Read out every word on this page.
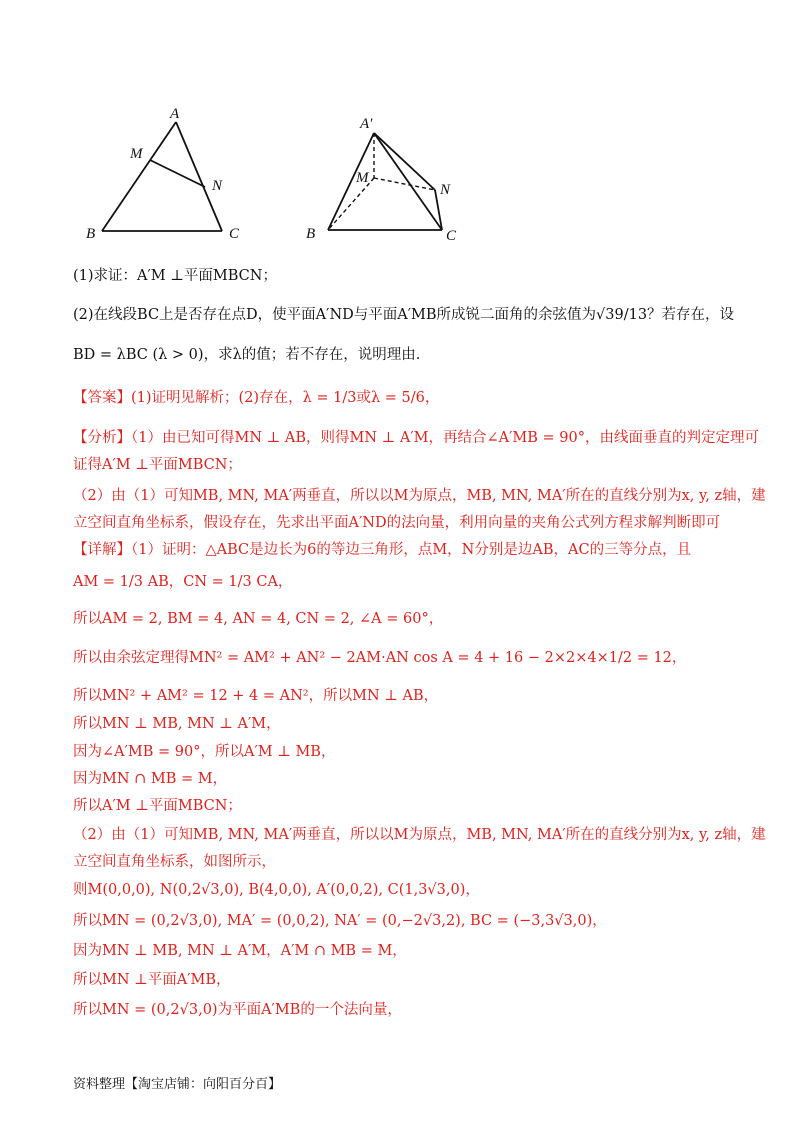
A
M
N
B	C
A′
M
N
B	C
(1)求证：A′M ⊥平面MBCN；
(2)在线段BC上是否存在点D，使平面A′ND与平面A′MB所成锐二面角的余弦值为√39/13？若存在，设
BD = λBC (λ > 0)，求λ的值；若不存在，说明理由.
【答案】(1)证明见解析；(2)存在，λ = 1/3或λ = 5/6，
【分析】（1）由已知可得MN ⊥ AB，则得MN ⊥ A′M，再结合∠A′MB = 90°，由线面垂直的判定定理可
证得A′M ⊥平面MBCN；
（2）由（1）可知MB, MN, MA′两垂直，所以以M为原点，MB, MN, MA′所在的直线分别为x, y, z轴，建
立空间直角坐标系，假设存在，先求出平面A′ND的法向量，利用向量的夹角公式列方程求解判断即可
【详解】（1）证明：△ABC是边长为6的等边三角形，点M，N分别是边AB，AC的三等分点，且
AM = 1/3 AB，CN = 1/3 CA，
所以AM = 2, BM = 4, AN = 4, CN = 2, ∠A = 60°，
所以由余弦定理得MN² = AM² + AN² − 2AM·AN cos A = 4 + 16 − 2×2×4×1/2 = 12，
所以MN² + AM² = 12 + 4 = AN²，所以MN ⊥ AB，
所以MN ⊥ MB, MN ⊥ A′M，
因为∠A′MB = 90°，所以A′M ⊥ MB，
因为MN ∩ MB = M，
所以A′M ⊥平面MBCN；
（2）由（1）可知MB, MN, MA′两垂直，所以以M为原点，MB, MN, MA′所在的直线分别为x, y, z轴，建
立空间直角坐标系，如图所示，
则M(0,0,0), N(0,2√3,0), B(4,0,0), A′(0,0,2), C(1,3√3,0)，
所以MN = (0,2√3,0), MA′ = (0,0,2), NA′ = (0,−2√3,2), BC = (−3,3√3,0)，
因为MN ⊥ MB, MN ⊥ A′M，A′M ∩ MB = M，
所以MN ⊥平面A′MB，
所以MN = (0,2√3,0)为平面A′MB的一个法向量，
资料整理【淘宝店铺：向阳百分百】
